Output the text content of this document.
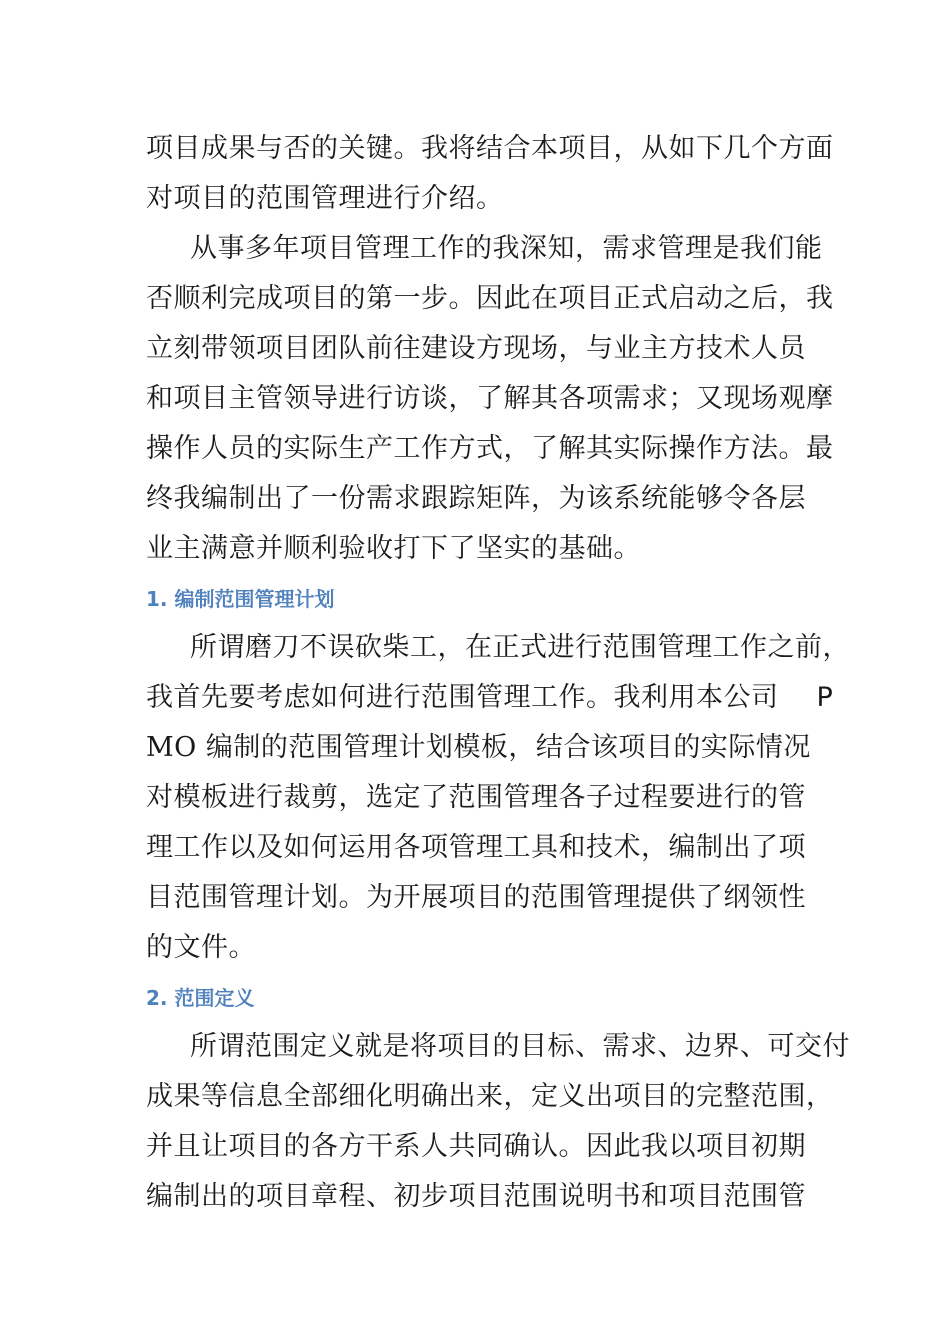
项目成果与否的关键。我将结合本项目，从如下几个方面
对项目的范围管理进行介绍。
从事多年项目管理工作的我深知，需求管理是我们能
否顺利完成项目的第一步。因此在项目正式启动之后，我
立刻带领项目团队前往建设方现场，与业主方技术人员
和项目主管领导进行访谈，了解其各项需求；又现场观摩
操作人员的实际生产工作方式，了解其实际操作方法。最
终我编制出了一份需求跟踪矩阵，为该系统能够令各层
业主满意并顺利验收打下了坚实的基础。
1. 编制范围管理计划
所谓磨刀不误砍柴工，在正式进行范围管理工作之前，
我首先要考虑如何进行范围管理工作。我利用本公司 P
MO 编制的范围管理计划模板，结合该项目的实际情况
对模板进行裁剪，选定了范围管理各子过程要进行的管
理工作以及如何运用各项管理工具和技术，编制出了项
目范围管理计划。为开展项目的范围管理提供了纲领性
的文件。
2. 范围定义
所谓范围定义就是将项目的目标、需求、边界、可交付
成果等信息全部细化明确出来，定义出项目的完整范围，
并且让项目的各方干系人共同确认。因此我以项目初期
编制出的项目章程、初步项目范围说明书和项目范围管
